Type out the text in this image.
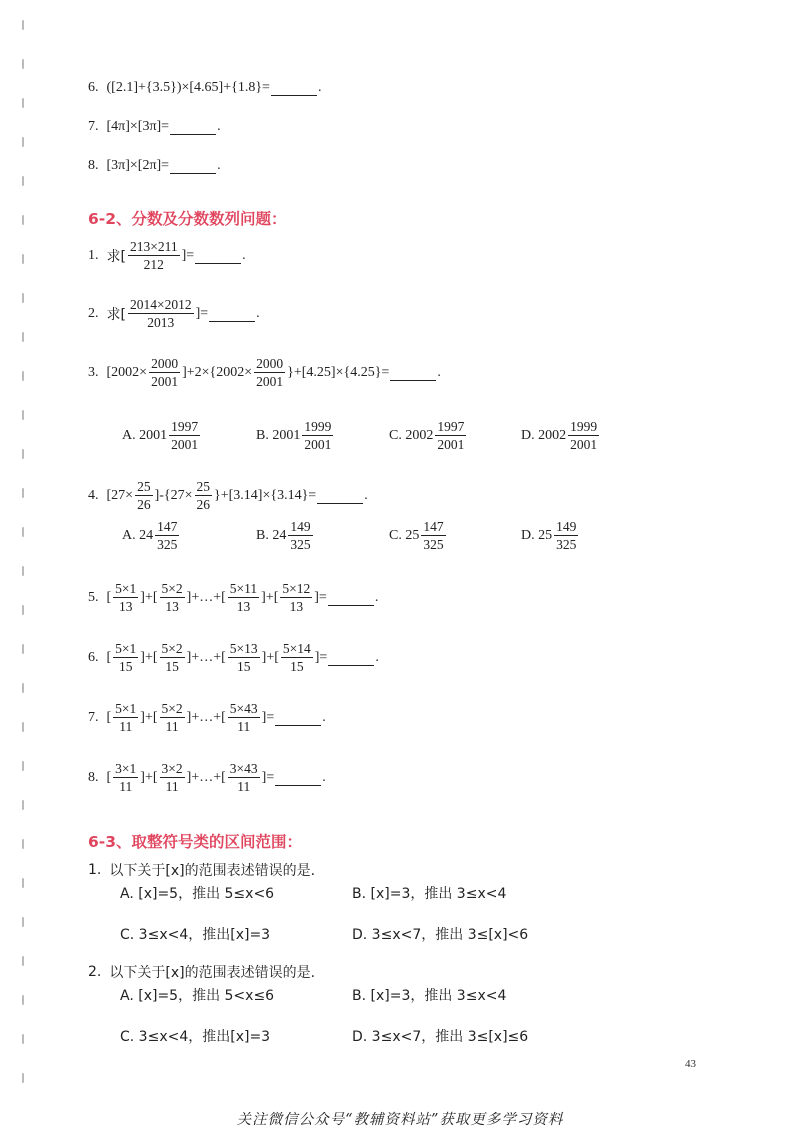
6. ([2.1]+{3.5})×[4.65]+{1.8}=	.
7. [4π]×[3π]=	.
8. [3π]×[2π]=	.
6-2、分数及分数数列问题：
1. 求[ $\frac{213\times 211}{212}$ ]=	.
2. 求[ $\frac{2014\times 2012}{2013}$ ]=	.
3. $[2002\times \frac{2000}{2001} ]+2\times\{2002\times \frac{2000}{2001} \}+[4.25]\times\{4.25\}=$	.
A. $2001 \frac{1997}{2001}$	B. $2001 \frac{1999}{2001}$	C. $2002 \frac{1997}{2001}$	D. $2002 \frac{1999}{2001}$
4. $[27\times \frac{25}{26} ]-\{27\times \frac{25}{26} \}+[3.14]\times\{3.14\}=$	.
A. $24 \frac{147}{325}$	B. $24 \frac{149}{325}$	C. $25 \frac{147}{325}$	D. $25 \frac{149}{325}$
5. [ $\frac{5\times 1}{13}$ ]+[ $\frac{5\times 2}{13}$ ]+…+[ $\frac{5\times 11}{13}$ ]+[ $\frac{5\times 12}{13}$ ]=	.
6. [ $\frac{5\times 1}{15}$ ]+[ $\frac{5\times 2}{15}$ ]+…+[ $\frac{5\times 13}{15}$ ]+[ $\frac{5\times 14}{15}$ ]=	.
7. [ $\frac{5\times 1}{11}$ ]+[ $\frac{5\times 2}{11}$ ]+…+[ $\frac{5\times 43}{11}$ ]=	.
8. [ $\frac{3\times 1}{11}$ ]+[ $\frac{3\times 2}{11}$ ]+…+[ $\frac{3\times 43}{11}$ ]=	.
6-3、取整符号类的区间范围：
1. 以下关于[x]的范围表述错误的是.
A. [x]=5，推出 5≤x<6	B. [x]=3，推出 3≤x<4
C. 3≤x<4，推出[x]=3	D. 3≤x<7，推出 3≤[x]<6
2. 以下关于[x]的范围表述错误的是.
A. [x]=5，推出 5<x≤6	B. [x]=3，推出 3≤x<4
C. 3≤x<4，推出[x]=3	D. 3≤x<7，推出 3≤[x]≤6
43
关注微信公众号“教辅资料站”获取更多学习资料
